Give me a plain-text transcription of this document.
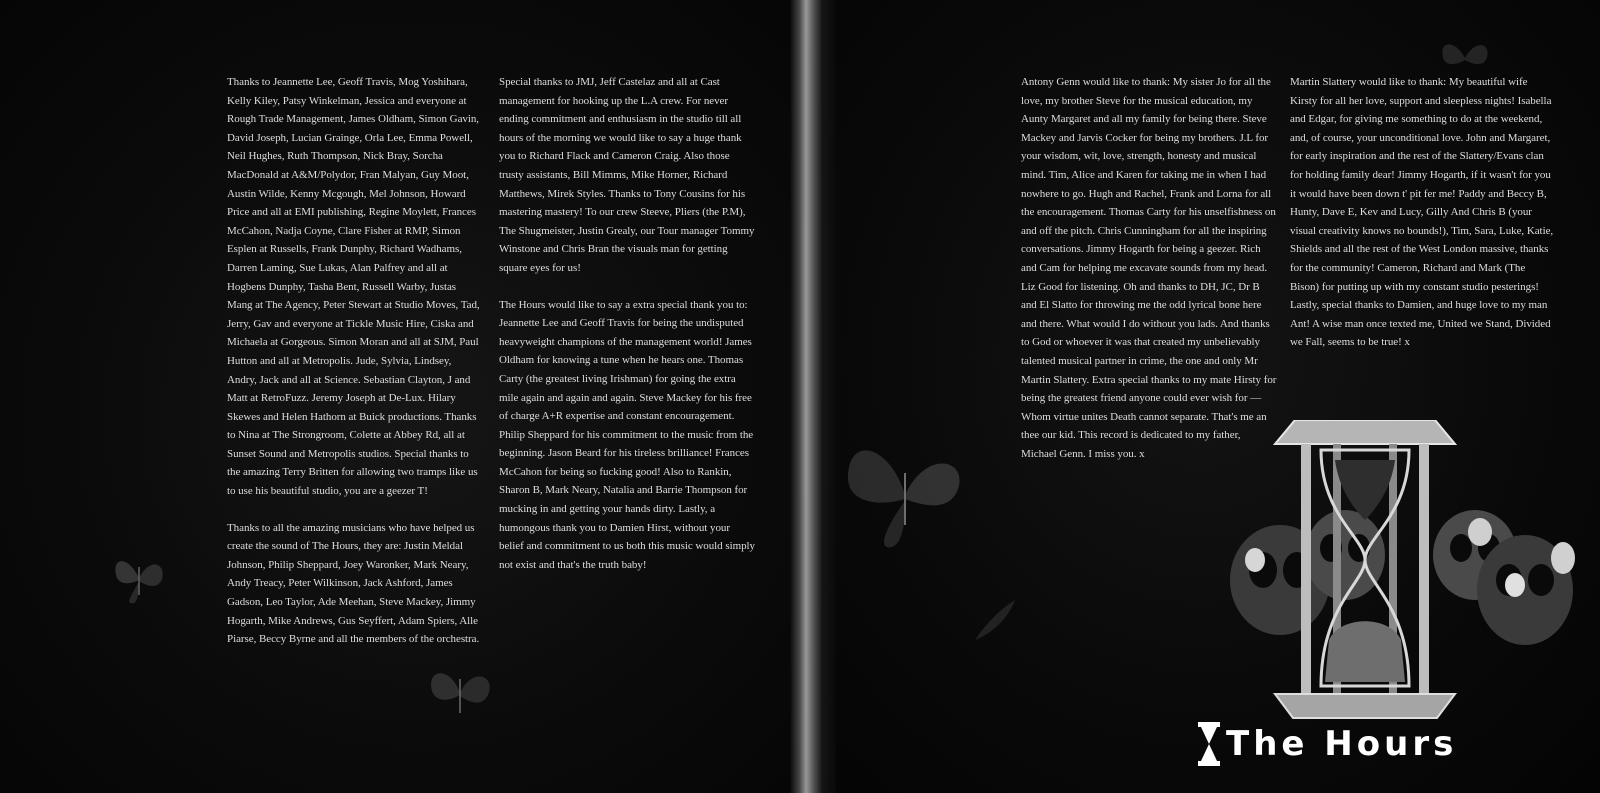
Thanks to Jeannette Lee, Geoff Travis, Mog Yoshihara, Kelly Kiley, Patsy Winkelman, Jessica and everyone at Rough Trade Management, James Oldham, Simon Gavin, David Joseph, Lucian Grainge, Orla Lee, Emma Powell, Neil Hughes, Ruth Thompson, Nick Bray, Sorcha MacDonald at A&M/Polydor, Fran Malyan, Guy Moot, Austin Wilde, Kenny Mcgough, Mel Johnson, Howard Price and all at EMI publishing, Regine Moylett, Frances McCahon, Nadja Coyne, Clare Fisher at RMP, Simon Esplen at Russells, Frank Dunphy, Richard Wadhams, Darren Laming, Sue Lukas, Alan Palfrey and all at Hogbens Dunphy, Tasha Bent, Russell Warby, Justas Mang at The Agency, Peter Stewart at Studio Moves, Tad, Jerry, Gav and everyone at Tickle Music Hire, Ciska and Michaela at Gorgeous. Simon Moran and all at SJM, Paul Hutton and all at Metropolis. Jude, Sylvia, Lindsey, Andry, Jack and all at Science. Sebastian Clayton, J and Matt at RetroFuzz. Jeremy Joseph at De-Lux. Hilary Skewes and Helen Hathorn at Buick productions. Thanks to Nina at The Strongroom, Colette at Abbey Rd, all at Sunset Sound and Metropolis studios. Special thanks to the amazing Terry Britten for allowing two tramps like us to use his beautiful studio, you are a geezer T!

Thanks to all the amazing musicians who have helped us create the sound of The Hours, they are: Justin Meldal Johnson, Philip Sheppard, Joey Waronker, Mark Neary, Andy Treacy, Peter Wilkinson, Jack Ashford, James Gadson, Leo Taylor, Ade Meehan, Steve Mackey, Jimmy Hogarth, Mike Andrews, Gus Seyffert, Adam Spiers, Alle Piarse, Beccy Byrne and all the members of the orchestra.

Special thanks to JMJ, Jeff Castelaz and all at Cast management for hooking up the L.A crew. For never ending commitment and enthusiasm in the studio till all hours of the morning we would like to say a huge thank you to Richard Flack and Cameron Craig. Also those trusty assistants, Bill Mimms, Mike Horner, Richard Matthews, Mirek Styles. Thanks to Tony Cousins for his mastering mastery! To our crew Steeve, Pliers (the P.M), The Shugmeister, Justin Grealy, our Tour manager Tommy Winstone and Chris Bran the visuals man for getting square eyes for us!

The Hours would like to say a extra special thank you to: Jeannette Lee and Geoff Travis for being the undisputed heavyweight champions of the management world! James Oldham for knowing a tune when he hears one. Thomas Carty (the greatest living Irishman) for going the extra mile again and again and again. Steve Mackey for his free of charge A+R expertise and constant encouragement. Philip Sheppard for his commitment to the music from the beginning. Jason Beard for his tireless brilliance! Frances McCahon for being so fucking good! Also to Rankin, Sharon B, Mark Neary, Natalia and Barrie Thompson for mucking in and getting your hands dirty. Lastly, a humongous thank you to Damien Hirst, without your belief and commitment to us both this music would simply not exist and that's the truth baby!

Antony Genn would like to thank: My sister Jo for all the love, my brother Steve for the musical education, my Aunty Margaret and all my family for being there. Steve Mackey and Jarvis Cocker for being my brothers. J.L for your wisdom, wit, love, strength, honesty and musical mind. Tim, Alice and Karen for taking me in when I had nowhere to go. Hugh and Rachel, Frank and Lorna for all the encouragement. Thomas Carty for his unselfishness on and off the pitch. Chris Cunningham for all the inspiring conversations. Jimmy Hogarth for being a geezer. Rich and Cam for helping me excavate sounds from my head. Liz Good for listening. Oh and thanks to DH, JC, Dr B and El Slatto for throwing me the odd lyrical bone here and there. What would I do without you lads. And thanks to God or whoever it was that created my unbelievably talented musical partner in crime, the one and only Mr Martin Slattery. Extra special thanks to my mate Hirsty for being the greatest friend anyone could ever wish for —Whom virtue unites Death cannot separate. That's me an thee our kid. This record is dedicated to my father, Michael Genn. I miss you. x

Martin Slattery would like to thank: My beautiful wife Kirsty for all her love, support and sleepless nights! Isabella and Edgar, for giving me something to do at the weekend, and, of course, your unconditional love. John and Margaret, for early inspiration and the rest of the Slattery/Evans clan for holding family dear! Jimmy Hogarth, if it wasn't for you it would have been down t' pit fer me! Paddy and Beccy B, Hunty, Dave E, Kev and Lucy, Gilly And Chris B (your visual creativity knows no bounds!), Tim, Sara, Luke, Katie, Shields and all the rest of the West London massive, thanks for the community! Cameron, Richard and Mark (The Bison) for putting up with my constant studio pesterings! Lastly, special thanks to Damien, and huge love to my man Ant! A wise man once texted me, United we Stand, Divided we Fall, seems to be true! x

The Hours
